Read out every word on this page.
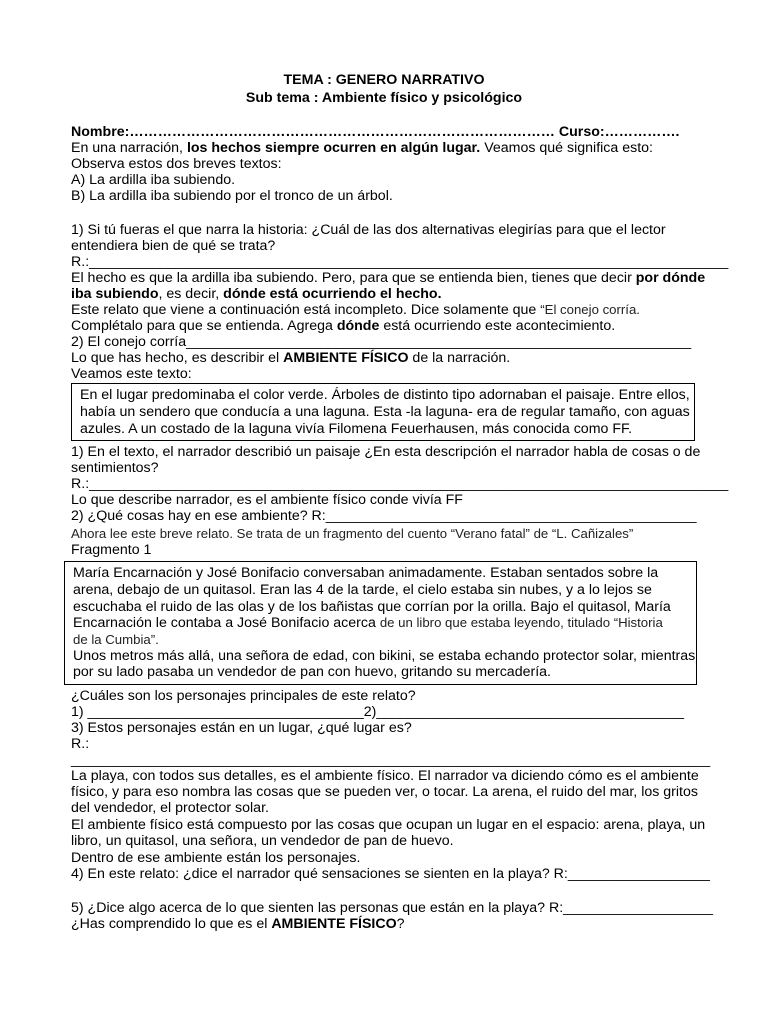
TEMA : GENERO NARRATIVO
Sub tema : Ambiente físico y psicológico
Nombre:……………………………………………………………………………… Curso:…………….
En una narración, los hechos siempre ocurren en algún lugar. Veamos qué significa esto:
Observa estos dos breves textos:
A) La ardilla iba subiendo.
B) La ardilla iba subiendo por el tronco de un árbol.
1) Si tú fueras el que narra la historia: ¿Cuál de las dos alternativas elegirías para que el lector
entendiera bien de qué se trata?
R.:_________________________________________________________________________________
El hecho es que la ardilla iba subiendo. Pero, para que se entienda bien, tienes que decir por dónde
iba subiendo, es decir, dónde está ocurriendo el hecho.
Este relato que viene a continuación está incompleto. Dice solamente que “El conejo corría.
Complétalo para que se entienda. Agrega dónde está ocurriendo este acontecimiento.
2) El conejo corría________________________________________________________________
Lo que has hecho, es describir el AMBIENTE FÍSICO de la narración.
Veamos este texto:
En el lugar predominaba el color verde. Árboles de distinto tipo adornaban el paisaje. Entre ellos,
había un sendero que conducía a una laguna. Esta -la laguna- era de regular tamaño, con aguas
azules. A un costado de la laguna vivía Filomena Feuerhausen, más conocida como FF.
1) En el texto, el narrador describió un paisaje ¿En esta descripción el narrador habla de cosas o de
sentimientos?
R.:_________________________________________________________________________________
Lo que describe narrador, es el ambiente físico conde vivía FF
2) ¿Qué cosas hay en ese ambiente? R:_______________________________________________
Ahora lee este breve relato. Se trata de un fragmento del cuento “Verano fatal” de “L. Cañizales”
Fragmento 1
María Encarnación y José Bonifacio conversaban animadamente. Estaban sentados sobre la
arena, debajo de un quitasol. Eran las 4 de la tarde, el cielo estaba sin nubes, y a lo lejos se
escuchaba el ruido de las olas y de los bañistas que corrían por la orilla. Bajo el quitasol, María
Encarnación le contaba a José Bonifacio acerca de un libro que estaba leyendo, titulado “Historia
de la Cumbia”.
Unos metros más allá, una señora de edad, con bikini, se estaba echando protector solar, mientras
por su lado pasaba un vendedor de pan con huevo, gritando su mercadería.
¿Cuáles son los personajes principales de este relato?
1) ___________________________________2)_______________________________________
3) Estos personajes están en un lugar, ¿qué lugar es?
R.:
_________________________________________________________________________________
La playa, con todos sus detalles, es el ambiente físico. El narrador va diciendo cómo es el ambiente
físico, y para eso nombra las cosas que se pueden ver, o tocar. La arena, el ruido del mar, los gritos
del vendedor, el protector solar.
El ambiente físico está compuesto por las cosas que ocupan un lugar en el espacio: arena, playa, un
libro, un quitasol, una señora, un vendedor de pan de huevo.
Dentro de ese ambiente están los personajes.
4) En este relato: ¿dice el narrador qué sensaciones se sienten en la playa? R:__________________
5) ¿Dice algo acerca de lo que sienten las personas que están en la playa? R:___________________
¿Has comprendido lo que es el AMBIENTE FÍSICO?
